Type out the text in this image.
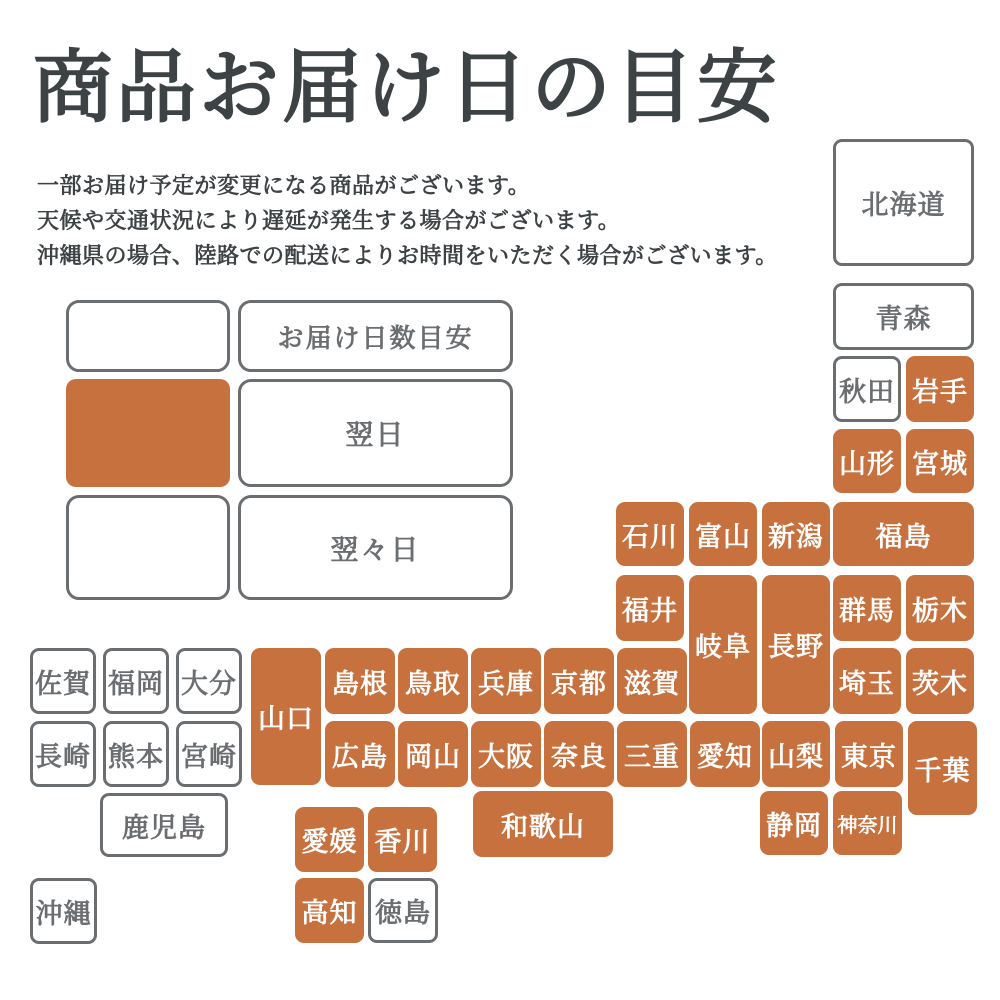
商品お届け日の目安

一部お届け予定が変更になる商品がございます。

天候や交通状況により遅延が発生する場合がございます。

沖縄県の場合、陸路での配送によりお時間をいただく場合がございます。

お届け日数目安
翌日
翌々日
北海道
青森
秋田 岩手
山形 宮城
石川 富山 新潟 福島
福井
岐阜 長野
群馬 栃木
佐賀 福岡 大分
山口
島根 鳥取 兵庫 京都 滋賀	埼玉 茨木
長崎 熊本 宮崎	広島 岡山 大阪 奈良 三重 愛知 山梨 東京 千葉
鹿児島	和歌山	静岡 神奈川
愛媛 香川
高知 徳島
沖縄
